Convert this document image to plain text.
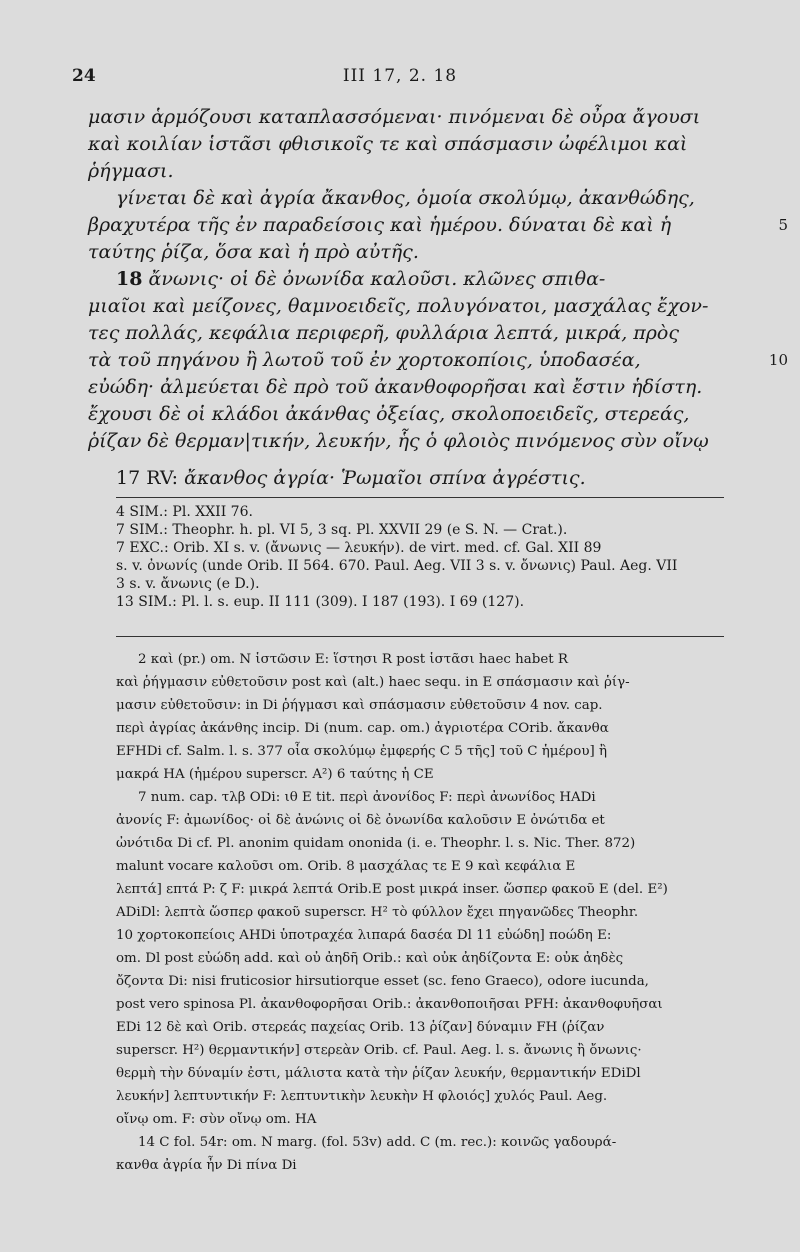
24	III 17, 2. 18
μασιν ἁρμόζουσι καταπλασσόμεναι· πινόμεναι δὲ οὖρα ἄγουσι
καὶ κοιλίαν ἱστᾶσι φθισικοῖς τε καὶ σπάσμασιν ὠφέλιμοι καὶ
ῥήγμασι.
γίνεται δὲ καὶ ἀγρία ἄκανθος, ὁμοία σκολύμῳ, ἀκανθώδης,
βραχυτέρα τῆς ἐν παραδείσοις καὶ ἡμέρου. δύναται δὲ καὶ ἡ	5
ταύτης ῥίζα, ὅσα καὶ ἡ πρὸ αὐτῆς.
18 ἄνωνις· οἱ δὲ ὀνωνίδα καλοῦσι. κλῶνες σπιθα-
μιαῖοι καὶ μείζονες, θαμνοειδεῖς, πολυγόνατοι, μασχάλας ἔχον-
τες πολλάς, κεφάλια περιφερῆ, φυλλάρια λεπτά, μικρά, πρὸς
τὰ τοῦ πηγάνου ἢ λωτοῦ τοῦ ἐν χορτοκοπίοις, ὑποδασέα,	10
εὐώδη· ἀλμεύεται δὲ πρὸ τοῦ ἀκανθοφορῆσαι καὶ ἔστιν ἡδίστη.
ἔχουσι δὲ οἱ κλάδοι ἀκάνθας ὀξείας, σκολοποειδεῖς, στερεάς,
ῥίζαν δὲ θερμαν|τικήν, λευκήν, ἧς ὁ φλοιὸς πινόμενος σὺν οἴνῳ
17 RV: ἄκανθος ἀγρία· Ῥωμαῖοι σπίνα ἀγρέστις.
4 SIM.: Pl. XXII 76.
7 SIM.: Theophr. h. pl. VI 5, 3 sq. Pl. XXVII 29 (e S. N. — Crat.).
7 EXC.: Orib. XI s. v. (ἄνωνις — λευκήν). de virt. med. cf. Gal. XII 89
s. v. ὀνωνίς (unde Orib. II 564. 670. Paul. Aeg. VII 3 s. v. ὄνωνις) Paul. Aeg. VII
3 s. v. ἄνωνις (e D.).
13 SIM.: Pl. l. s. eup. II 111 (309). I 187 (193). I 69 (127).
2 καὶ (pr.) om. N ἱστῶσιν E: ἵστησι R post ἱστᾶσι haec habet R
καὶ ῥήγμασιν εὐθετοῦσιν post καὶ (alt.) haec sequ. in E σπάσμασιν καὶ ῥίγ-
μασιν εὐθετοῦσιν: in Di ῥήγμασι καὶ σπάσμασιν εὐθετοῦσιν 4 nov. cap.
περὶ ἀγρίας ἀκάνθης incip. Di (num. cap. om.) ἀγριοτέρα COrib. ἄκανθα
EFHDi cf. Salm. l. s. 377 οἷα σκολύμῳ ἐμφερής C 5 τῆς] τοῦ C ἡμέρου] ἢ
μακρά HA (ἡμέρου superscr. A²) 6 ταύτης ἡ CE
7 num. cap. τλβ ODi: ιθ E tit. περὶ ἀνονίδος F: περὶ ἀνωνίδος HADi
ἀνονίς F: ἀμωνίδος· οἱ δὲ ἀνώνις οἱ δὲ ὀνωνίδα καλοῦσιν E ὀνώτιδα et
ὠνότιδα Di cf. Pl. anonim quidam ononida (i. e. Theophr. l. s. Nic. Ther. 872)
malunt vocare καλοῦσι om. Orib. 8 μασχάλας τε E 9 καὶ κεφάλια E
λεπτά] επτά P: ζ F: μικρά λεπτά Orib.E post μικρά inser. ὥσπερ φακοῦ E (del. E²)
ADiDl: λεπτὰ ὥσπερ φακοῦ superscr. H² τὸ φύλλον ἔχει πηγανῶδες Theophr.
10 χορτοκοπείοις AHDi ὑποτραχέα λιπαρά δασέα Dl 11 εὐώδη] ποώδη E:
om. Dl post εὐώδη add. καὶ οὐ ἀηδῆ Orib.: καὶ οὐκ ἀηδίζοντα E: οὐκ ἀηδὲς
ὄζοντα Di: nisi fruticosior hirsutiorque esset (sc. feno Graeco), odore iucunda,
post vero spinosa Pl. ἀκανθοφορῆσαι Orib.: ἀκανθοποιῆσαι PFH: ἀκανθοφυῆσαι
EDi 12 δὲ καὶ Orib. στερεάς παχείας Orib. 13 ῥίζαν] δύναμιν FH (ῥίζαν
superscr. H²) θερμαντικήν] στερεὰν Orib. cf. Paul. Aeg. l. s. ἄνωνις ἢ ὄνωνις·
θερμὴ τὴν δύναμίν ἐστι, μάλιστα κατὰ τὴν ῥίζαν λευκήν, θερμαντικήν EDiDl
λευκήν] λεπτυντικήν F: λεπτυντικὴν λευκὴν H φλοιός] χυλός Paul. Aeg.
οἴνῳ om. F: σὺν οἴνῳ om. HA
14 C fol. 54r: om. N marg. (fol. 53v) add. C (m. rec.): κοινῶς γαδουρά-
κανθα ἀγρία ἦν Di πίνα Di
